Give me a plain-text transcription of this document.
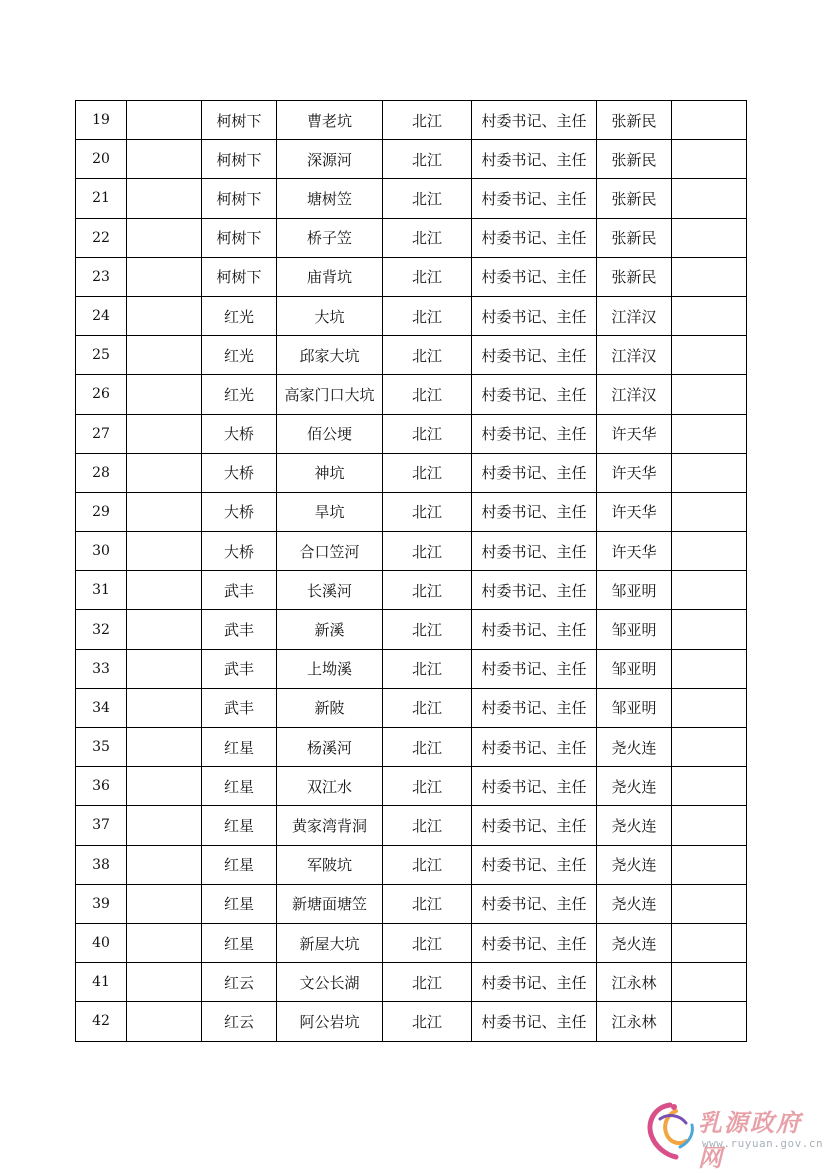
19		柯树下	曹老坑	北江	村委书记、主任	张新民	
20		柯树下	深源河	北江	村委书记、主任	张新民	
21		柯树下	塘树笠	北江	村委书记、主任	张新民	
22		柯树下	桥子笠	北江	村委书记、主任	张新民	
23		柯树下	庙背坑	北江	村委书记、主任	张新民	
24		红光	大坑	北江	村委书记、主任	江洋汉	
25		红光	邱家大坑	北江	村委书记、主任	江洋汉	
26		红光	高家门口大坑	北江	村委书记、主任	江洋汉	
27		大桥	佰公埂	北江	村委书记、主任	许天华	
28		大桥	神坑	北江	村委书记、主任	许天华	
29		大桥	旱坑	北江	村委书记、主任	许天华	
30		大桥	合口笠河	北江	村委书记、主任	许天华	
31		武丰	长溪河	北江	村委书记、主任	邹亚明	
32		武丰	新溪	北江	村委书记、主任	邹亚明	
33		武丰	上坳溪	北江	村委书记、主任	邹亚明	
34		武丰	新陂	北江	村委书记、主任	邹亚明	
35		红星	杨溪河	北江	村委书记、主任	尧火连	
36		红星	双江水	北江	村委书记、主任	尧火连	
37		红星	黄家湾背洞	北江	村委书记、主任	尧火连	
38		红星	军陂坑	北江	村委书记、主任	尧火连	
39		红星	新塘面塘笠	北江	村委书记、主任	尧火连	
40		红星	新屋大坑	北江	村委书记、主任	尧火连	
41		红云	文公长湖	北江	村委书记、主任	江永林	
42		红云	阿公岩坑	北江	村委书记、主任	江永林	
乳源政府网
www.ruyuan.gov.cn
